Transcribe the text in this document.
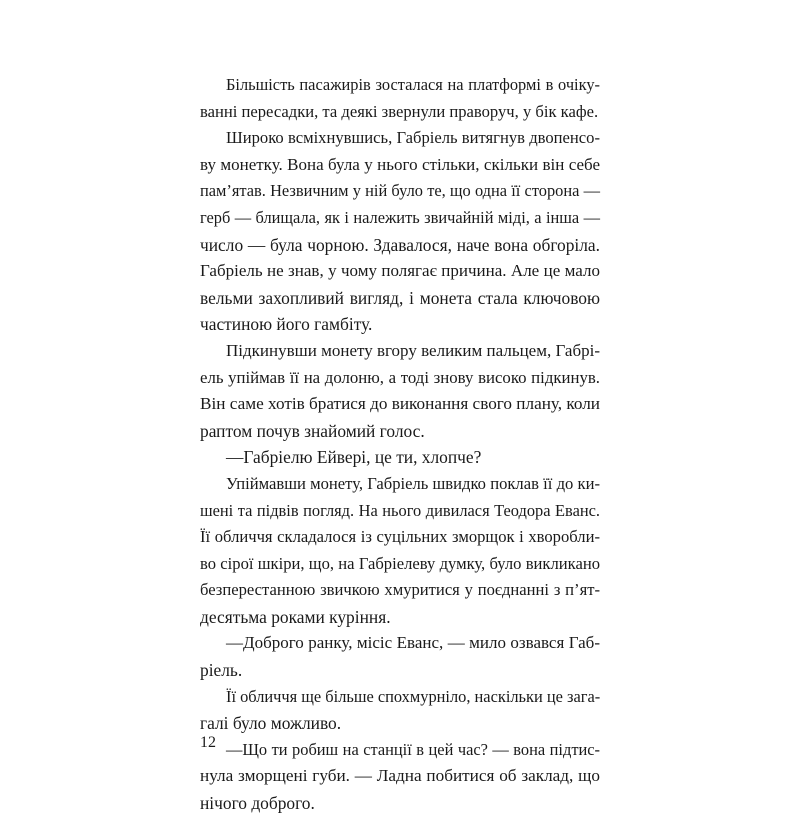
Більшість пасажирів зосталася на платформі в очіку-
ванні пересадки, та деякі звернули праворуч, у бік кафе.
Широко всміхнувшись, Габріель витягнув двопенсо-
ву монетку. Вона була у нього стільки, скільки він себе
пам’ятав. Незвичним у ній було те, що одна її сторона —
герб — блищала, як і належить звичайній міді, а інша —
число — була чорною. Здавалося, наче вона обгоріла.
Габріель не знав, у чому полягає причина. Але це мало
вельми захопливий вигляд, і монета стала ключовою
частиною його гамбіту.
Підкинувши монету вгору великим пальцем, Габрі-
ель упіймав її на долоню, а тоді знову високо підкинув.
Він саме хотів братися до виконання свого плану, коли
раптом почув знайомий голос.
—Габріелю Ейвері, це ти, хлопче?
Упіймавши монету, Габріель швидко поклав її до ки-
шені та підвів погляд. На нього дивилася Теодора Еванс.
Її обличчя складалося із суцільних зморщок і хворобли-
во сірої шкіри, що, на Габріелеву думку, було викликано
безперестанною звичкою хмуритися у поєднанні з п’ят-
десятьма роками куріння.
—Доброго ранку, місіс Еванс, — мило озвався Габ-
ріель.
Її обличчя ще більше спохмурніло, наскільки це зага-
галі було можливо.
—Що ти робиш на станції в цей час? — вона підтис-
нула зморщені губи. — Ладна побитися об заклад, що
нічого доброго.
12
